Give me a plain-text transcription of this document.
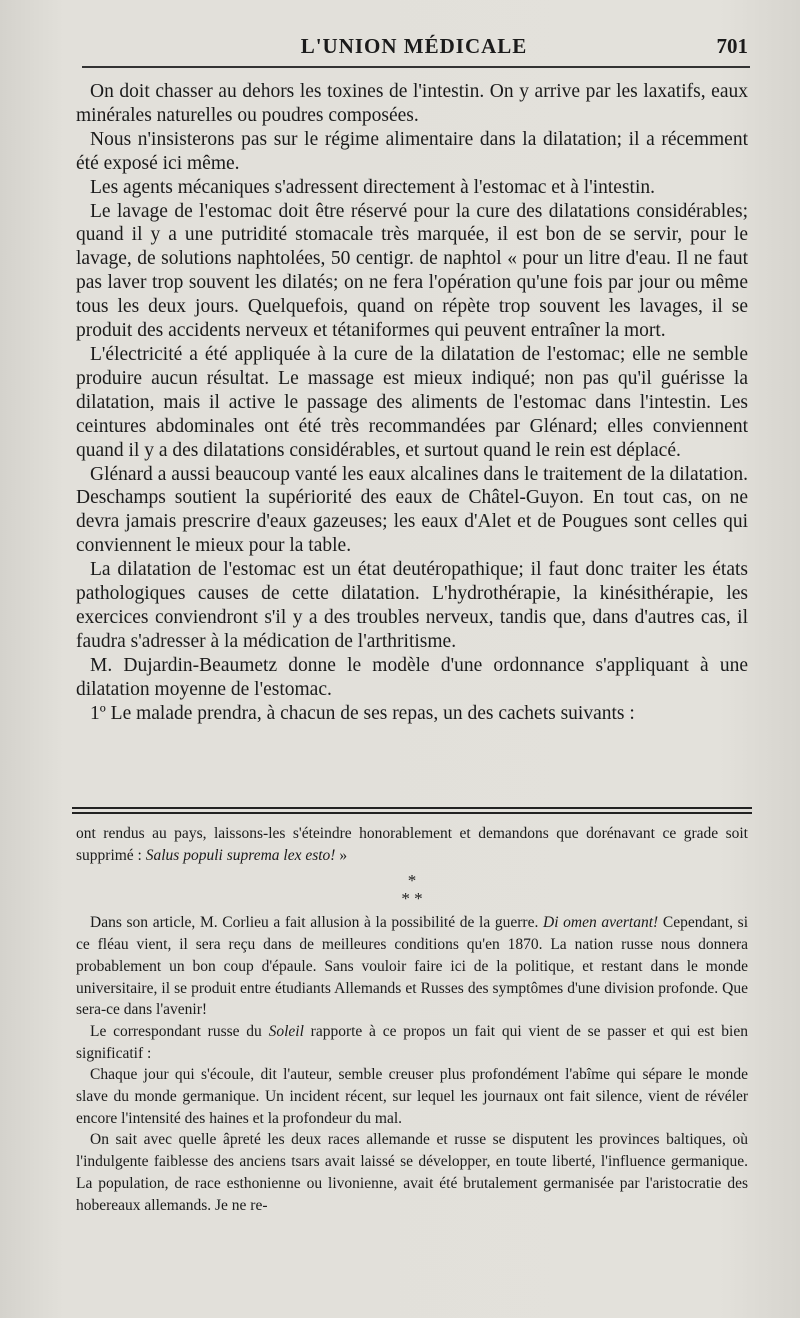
L'UNION MÉDICALE	701

On doit chasser au dehors les toxines de l'intestin. On y arrive par les laxatifs, eaux minérales naturelles ou poudres composées.

Nous n'insisterons pas sur le régime alimentaire dans la dilatation; il a récemment été exposé ici même.

Les agents mécaniques s'adressent directement à l'estomac et à l'intestin.

Le lavage de l'estomac doit être réservé pour la cure des dilatations considérables; quand il y a une putridité stomacale très marquée, il est bon de se servir, pour le lavage, de solutions naphtolées, 50 centigr. de naphtol « pour un litre d'eau. Il ne faut pas laver trop souvent les dilatés; on ne fera l'opération qu'une fois par jour ou même tous les deux jours. Quelquefois, quand on répète trop souvent les lavages, il se produit des accidents nerveux et tétaniformes qui peuvent entraîner la mort.

L'électricité a été appliquée à la cure de la dilatation de l'estomac; elle ne semble produire aucun résultat. Le massage est mieux indiqué; non pas qu'il guérisse la dilatation, mais il active le passage des aliments de l'estomac dans l'intestin. Les ceintures abdominales ont été très recommandées par Glénard; elles conviennent quand il y a des dilatations considérables, et surtout quand le rein est déplacé.

Glénard a aussi beaucoup vanté les eaux alcalines dans le traitement de la dilatation. Deschamps soutient la supériorité des eaux de Châtel-Guyon. En tout cas, on ne devra jamais prescrire d'eaux gazeuses; les eaux d'Alet et de Pougues sont celles qui conviennent le mieux pour la table.

La dilatation de l'estomac est un état deutéropathique; il faut donc traiter les états pathologiques causes de cette dilatation. L'hydrothérapie, la kinésithérapie, les exercices conviendront s'il y a des troubles nerveux, tandis que, dans d'autres cas, il faudra s'adresser à la médication de l'arthritisme.

M. Dujardin-Beaumetz donne le modèle d'une ordonnance s'appliquant à une dilatation moyenne de l'estomac.

1º Le malade prendra, à chacun de ses repas, un des cachets suivants :

ont rendus au pays, laissons-les s'éteindre honorablement et demandons que dorénavant ce grade soit supprimé : Salus populi suprema lex esto! »

*
* *

Dans son article, M. Corlieu a fait allusion à la possibilité de la guerre. Di omen avertant! Cependant, si ce fléau vient, il sera reçu dans de meilleures conditions qu'en 1870. La nation russe nous donnera probablement un bon coup d'épaule. Sans vouloir faire ici de la politique, et restant dans le monde universitaire, il se produit entre étudiants Allemands et Russes des symptômes d'une division profonde. Que sera-ce dans l'avenir!

Le correspondant russe du Soleil rapporte à ce propos un fait qui vient de se passer et qui est bien significatif :

Chaque jour qui s'écoule, dit l'auteur, semble creuser plus profondément l'abîme qui sépare le monde slave du monde germanique. Un incident récent, sur lequel les journaux ont fait silence, vient de révéler encore l'intensité des haines et la profondeur du mal.

On sait avec quelle âpreté les deux races allemande et russe se disputent les provinces baltiques, où l'indulgente faiblesse des anciens tsars avait laissé se développer, en toute liberté, l'influence germanique. La population, de race esthonienne ou livonienne, avait été brutalement germanisée par l'aristocratie des hobereaux allemands. Je ne re-
